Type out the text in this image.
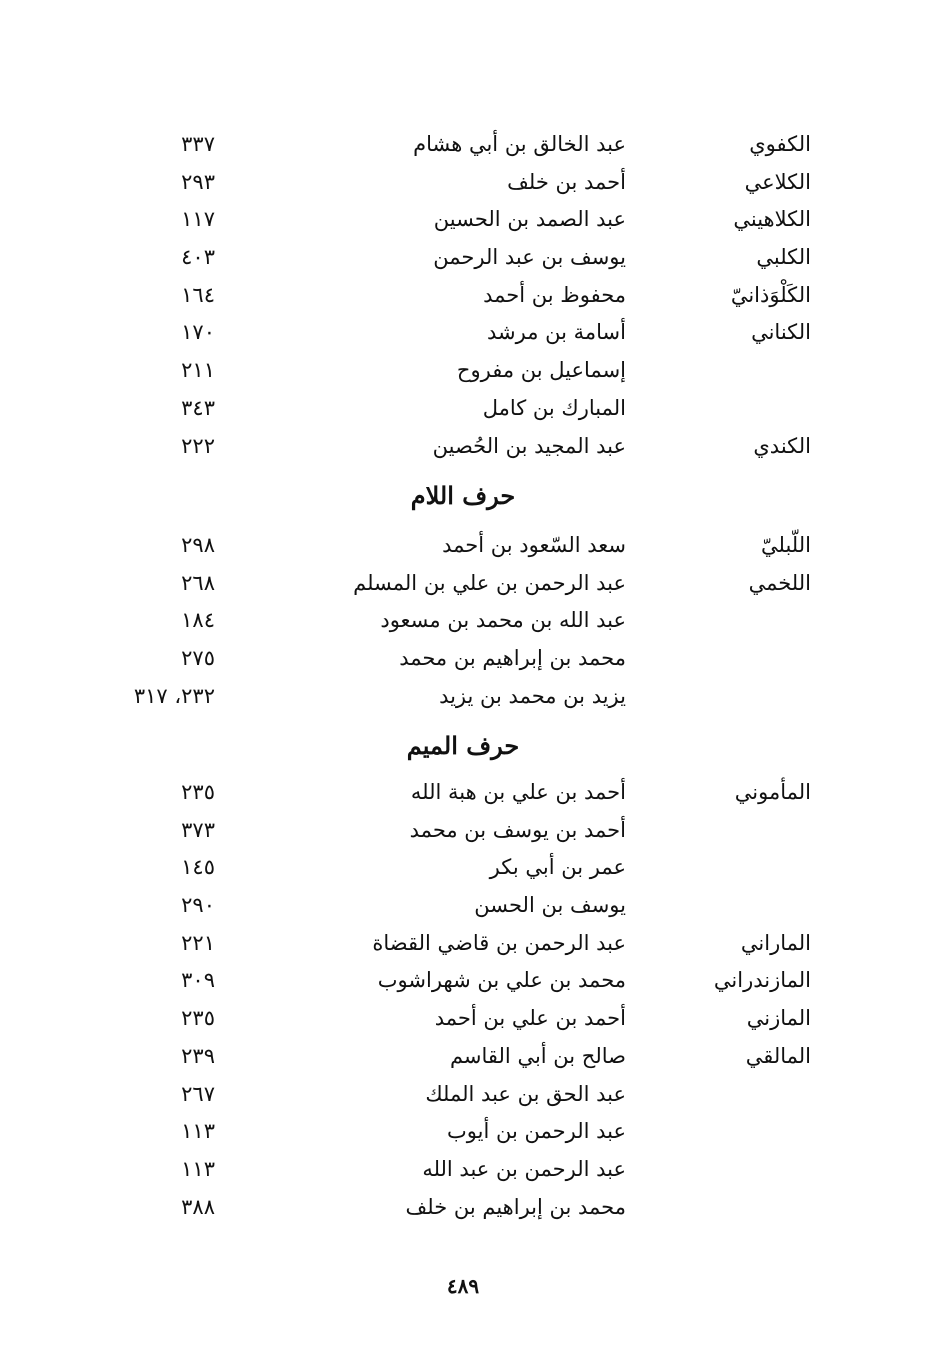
الكفوي
عبد الخالق بن أبي هشام
٣٣٧
الكلاعي
أحمد بن خلف
٢٩٣
الكلاهيني
عبد الصمد بن الحسين
١١٧
الكلبي
يوسف بن عبد الرحمن
٤٠٣
الكَلْوَذانيّ
محفوظ بن أحمد
١٦٤
الكناني
أسامة بن مرشد
١٧٠
إسماعيل بن مفروح
٢١١
المبارك بن كامل
٣٤٣
الكندي
عبد المجيد بن الحُصين
٢٢٢
حرف اللام
اللّبليّ
سعد السّعود بن أحمد
٢٩٨
اللخمي
عبد الرحمن بن علي بن المسلم
٢٦٨
عبد الله بن محمد بن مسعود
١٨٤
محمد بن إبراهيم بن محمد
٢٧٥
يزيد بن محمد بن يزيد
٢٣٢، ٣١٧
حرف الميم
المأموني
أحمد بن علي بن هبة الله
٢٣٥
أحمد بن يوسف بن محمد
٣٧٣
عمر بن أبي بكر
١٤٥
يوسف بن الحسن
٢٩٠
الماراني
عبد الرحمن بن قاضي القضاة
٢٢١
المازندراني
محمد بن علي بن شهراشوب
٣٠٩
المازني
أحمد بن علي بن أحمد
٢٣٥
المالقي
صالح بن أبي القاسم
٢٣٩
عبد الحق بن عبد الملك
٢٦٧
عبد الرحمن بن أيوب
١١٣
عبد الرحمن بن عبد الله
١١٣
محمد بن إبراهيم بن خلف
٣٨٨
٤٨٩
